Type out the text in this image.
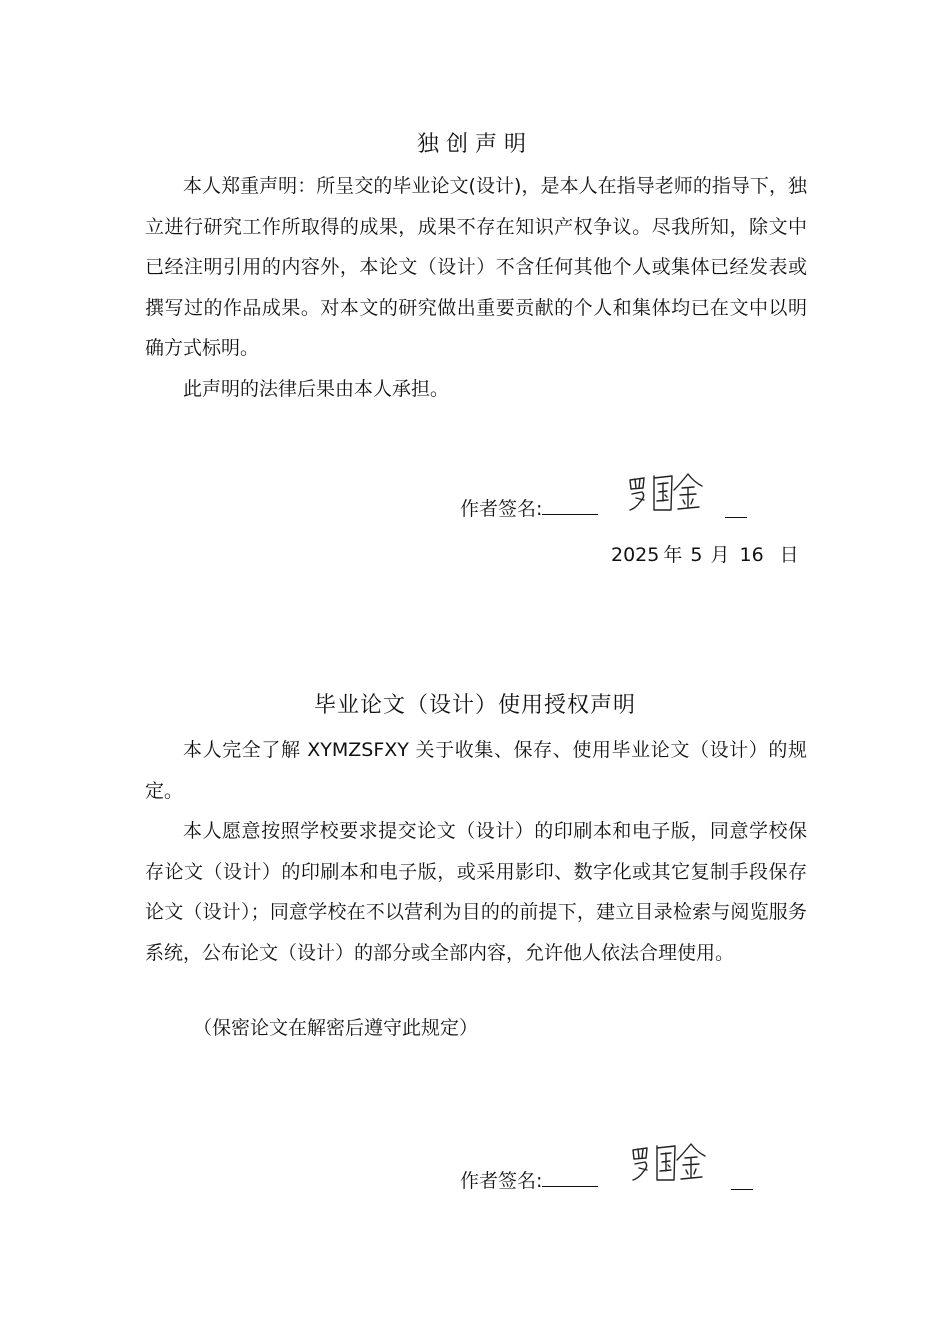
独创声明

本人郑重声明：所呈交的毕业论文(设计)，是本人在指导老师的指导下，独立进行研究工作所取得的成果，成果不存在知识产权争议。尽我所知，除文中已经注明引用的内容外，本论文（设计）不含任何其他个人或集体已经发表或撰写过的作品成果。对本文的研究做出重要贡献的个人和集体均已在文中以明确方式标明。

此声明的法律后果由本人承担。

作者签名:
2025 年 5 月 16 日
毕业论文（设计）使用授权声明

本人完全了解 XYMZSFXY 关于收集、保存、使用毕业论文（设计）的规定。

本人愿意按照学校要求提交论文（设计）的印刷本和电子版，同意学校保存论文（设计）的印刷本和电子版，或采用影印、数字化或其它复制手段保存论文（设计）；同意学校在不以营利为目的的前提下，建立目录检索与阅览服务系统，公布论文（设计）的部分或全部内容，允许他人依法合理使用。

（保密论文在解密后遵守此规定）

作者签名:
